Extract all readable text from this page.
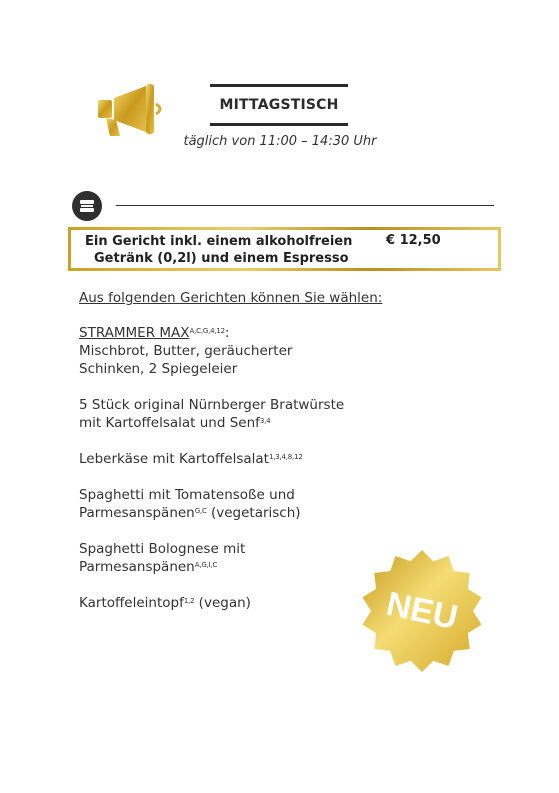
MITTAGSTISCH
täglich von 11:00 – 14:30 Uhr
Ein Gericht inkl. einem alkoholfreien
Getränk (0,2l) und einem Espresso
€ 12,50
Aus folgenden Gerichten können Sie wählen:
STRAMMER $MAX^{A,C,G,4,12}$:
Mischbrot, Butter, geräucherter
Schinken, 2 Spiegeleier
5 Stück original Nürnberger Bratwürste
mit Kartoffelsalat und Senf$^{3,4}$
Leberkäse mit Kartoffelsalat$^{1,3,4,8,12}$
Spaghetti mit Tomatensoße und
Parmesanspänen$^{G,C}$ (vegetarisch)
Spaghetti Bolognese mit
Parmesanspänen$^{A,G,I,C}$
Kartoffeleintopf$^{1,2}$ (vegan)	NEU
